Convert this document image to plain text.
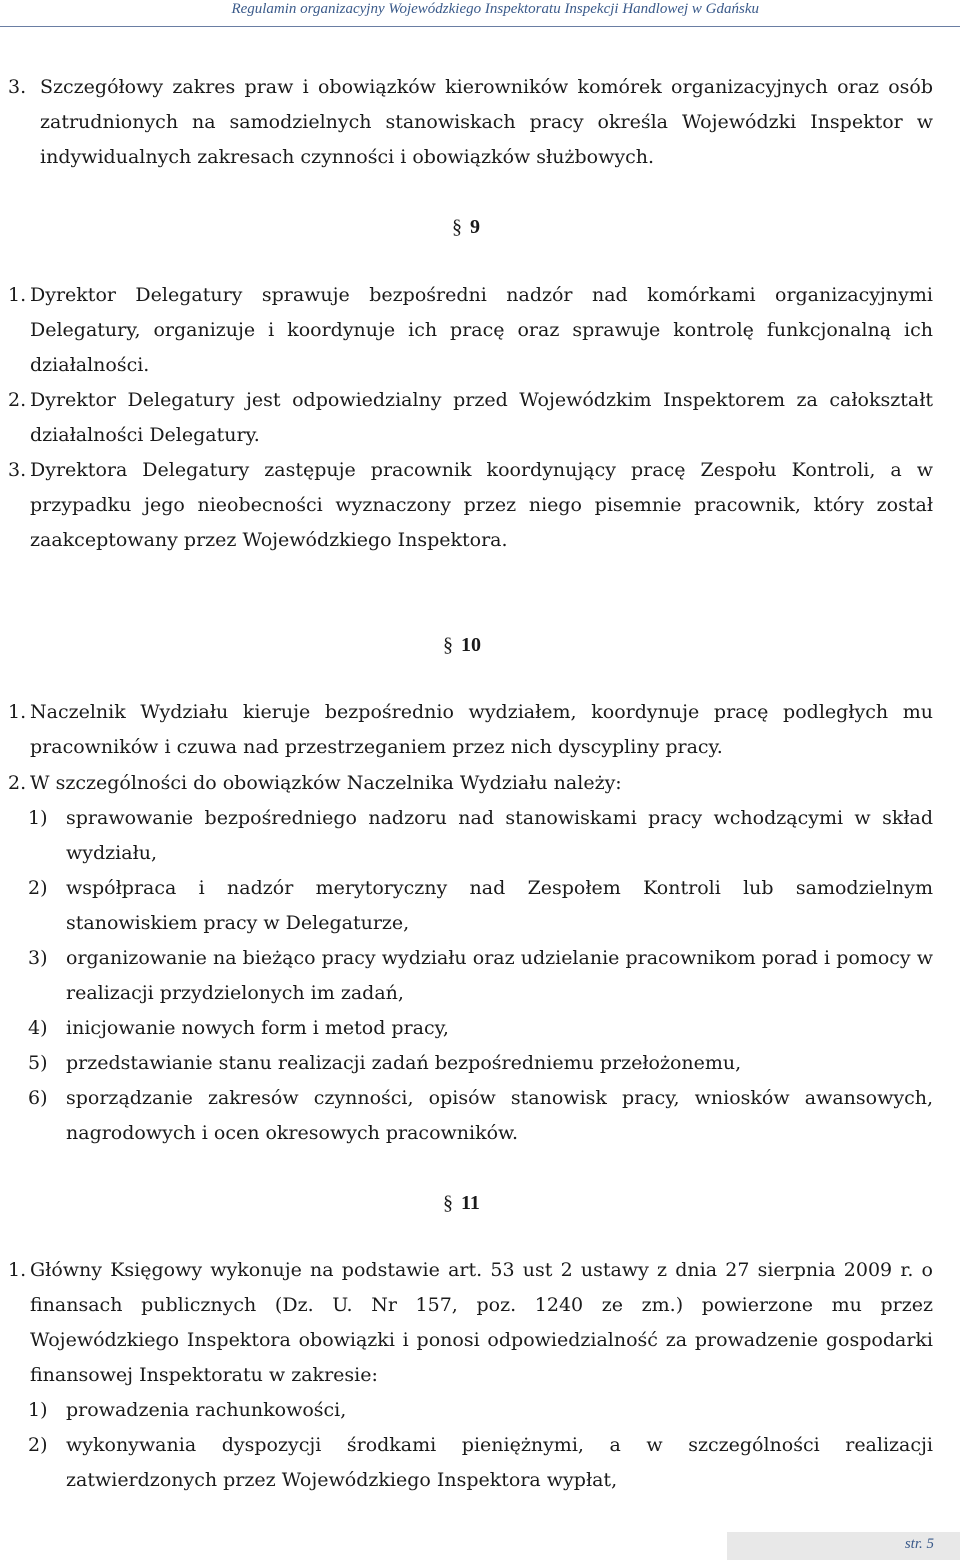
Regulamin organizacyjny Wojewódzkiego Inspektoratu Inspekcji Handlowej w Gdańsku
3. Szczegółowy zakres praw i obowiązków kierowników komórek organizacyjnych oraz osób zatrudnionych na samodzielnych stanowiskach pracy określa Wojewódzki Inspektor w indywidualnych zakresach czynności i obowiązków służbowych.
§ 9
1. Dyrektor Delegatury sprawuje bezpośredni nadzór nad komórkami organizacyjnymi Delegatury, organizuje i koordynuje ich pracę oraz sprawuje kontrolę funkcjonalną ich działalności.
2. Dyrektor Delegatury jest odpowiedzialny przed Wojewódzkim Inspektorem za całokształt działalności Delegatury.
3. Dyrektora Delegatury zastępuje pracownik koordynujący pracę Zespołu Kontroli, a w przypadku jego nieobecności wyznaczony przez niego pisemnie pracownik, który został zaakceptowany przez Wojewódzkiego Inspektora.
§ 10
1. Naczelnik Wydziału kieruje bezpośrednio wydziałem, koordynuje pracę podległych mu pracowników i czuwa nad przestrzeganiem przez nich dyscypliny pracy.
2. W szczególności do obowiązków Naczelnika Wydziału należy:
1) sprawowanie bezpośredniego nadzoru nad stanowiskami pracy wchodzącymi w skład wydziału,
2) współpraca i nadzór merytoryczny nad Zespołem Kontroli lub samodzielnym stanowiskiem pracy w Delegaturze,
3) organizowanie na bieżąco pracy wydziału oraz udzielanie pracownikom porad i pomocy w realizacji przydzielonych im zadań,
4) inicjowanie nowych form i metod pracy,
5) przedstawianie stanu realizacji zadań bezpośredniemu przełożonemu,
6) sporządzanie zakresów czynności, opisów stanowisk pracy, wniosków awansowych, nagrodowych i ocen okresowych pracowników.
§ 11
1. Główny Księgowy wykonuje na podstawie art. 53 ust 2 ustawy z dnia 27 sierpnia 2009 r. o finansach publicznych (Dz. U. Nr 157, poz. 1240 ze zm.) powierzone mu przez Wojewódzkiego Inspektora obowiązki i ponosi odpowiedzialność za prowadzenie gospodarki finansowej Inspektoratu w zakresie:
1) prowadzenia rachunkowości,
2) wykonywania dyspozycji środkami pieniężnymi, a w szczególności realizacji zatwierdzonych przez Wojewódzkiego Inspektora wypłat,
str. 5
